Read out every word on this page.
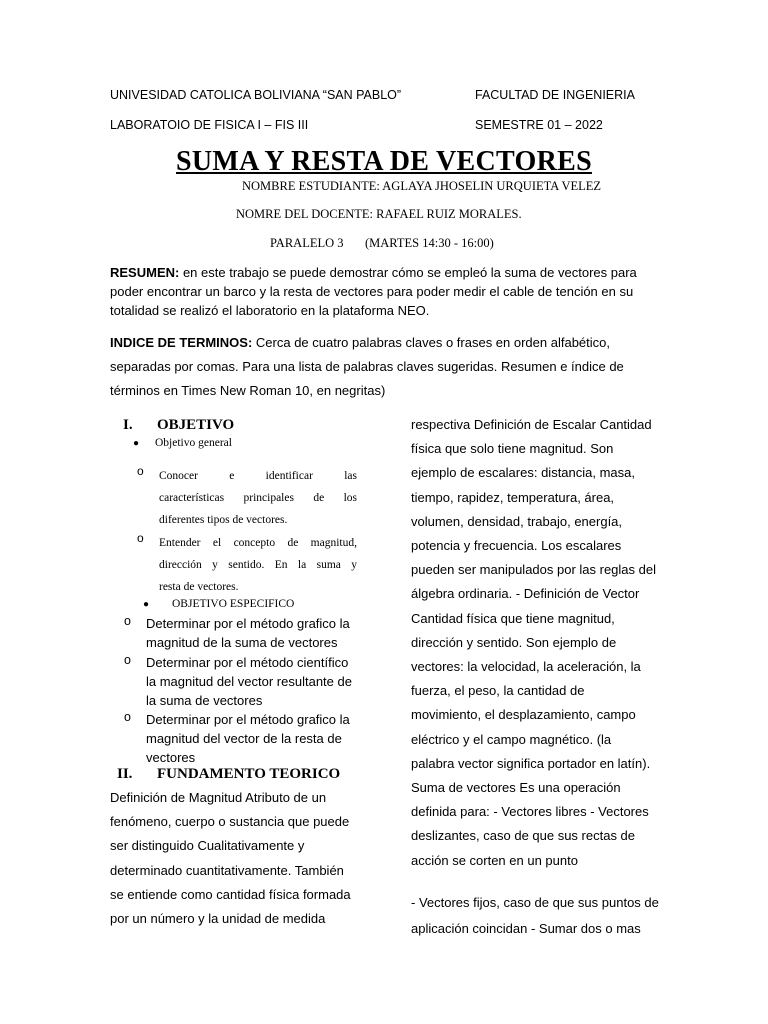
UNIVESIDAD CATOLICA BOLIVIANA “SAN PABLO”	FACULTAD DE INGENIERIA
LABORATOIO DE FISICA I – FIS III	SEMESTRE 01 – 2022
SUMA Y RESTA DE VECTORES
NOMBRE ESTUDIANTE: AGLAYA JHOSELIN URQUIETA VELEZ
NOMRE DEL DOCENTE: RAFAEL RUIZ MORALES.
PARALELO 3 (MARTES 14:30 - 16:00)
RESUMEN: en este trabajo se puede demostrar cómo se empleó la suma de vectores para poder encontrar un barco y la resta de vectores para poder medir el cable de tención en su totalidad se realizó el laboratorio en la plataforma NEO.
INDICE DE TERMINOS: Cerca de cuatro palabras claves o frases en orden alfabético, separadas por comas. Para una lista de palabras claves sugeridas. Resumen e índice de términos en Times New Roman 10, en negritas)
I. OBJETIVO
● Objetivo general
o Conocer e identificar las
características principales de los
diferentes tipos de vectores.
o Entender el concepto de magnitud,
dirección y sentido. En la suma y
resta de vectores.
● OBJETIVO ESPECIFICO
o Determinar por el método grafico la
magnitud de la suma de vectores
o Determinar por el método científico
la magnitud del vector resultante de
la suma de vectores
o Determinar por el método grafico la
magnitud del vector de la resta de
vectores
II. FUNDAMENTO TEORICO
Definición de Magnitud Atributo de un
fenómeno, cuerpo o sustancia que puede
ser distinguido Cualitativamente y
determinado cuantitativamente. También
se entiende como cantidad física formada
por un número y la unidad de medida
respectiva Definición de Escalar Cantidad
física que solo tiene magnitud. Son
ejemplo de escalares: distancia, masa,
tiempo, rapidez, temperatura, área,
volumen, densidad, trabajo, energía,
potencia y frecuencia. Los escalares
pueden ser manipulados por las reglas del
álgebra ordinaria. - Definición de Vector
Cantidad física que tiene magnitud,
dirección y sentido. Son ejemplo de
vectores: la velocidad, la aceleración, la
fuerza, el peso, la cantidad de
movimiento, el desplazamiento, campo
eléctrico y el campo magnético. (la
palabra vector significa portador en latín).
Suma de vectores Es una operación
definida para: - Vectores libres - Vectores
deslizantes, caso de que sus rectas de
acción se corten en un punto
- Vectores fijos, caso de que sus puntos de
aplicación coincidan - Sumar dos o mas
